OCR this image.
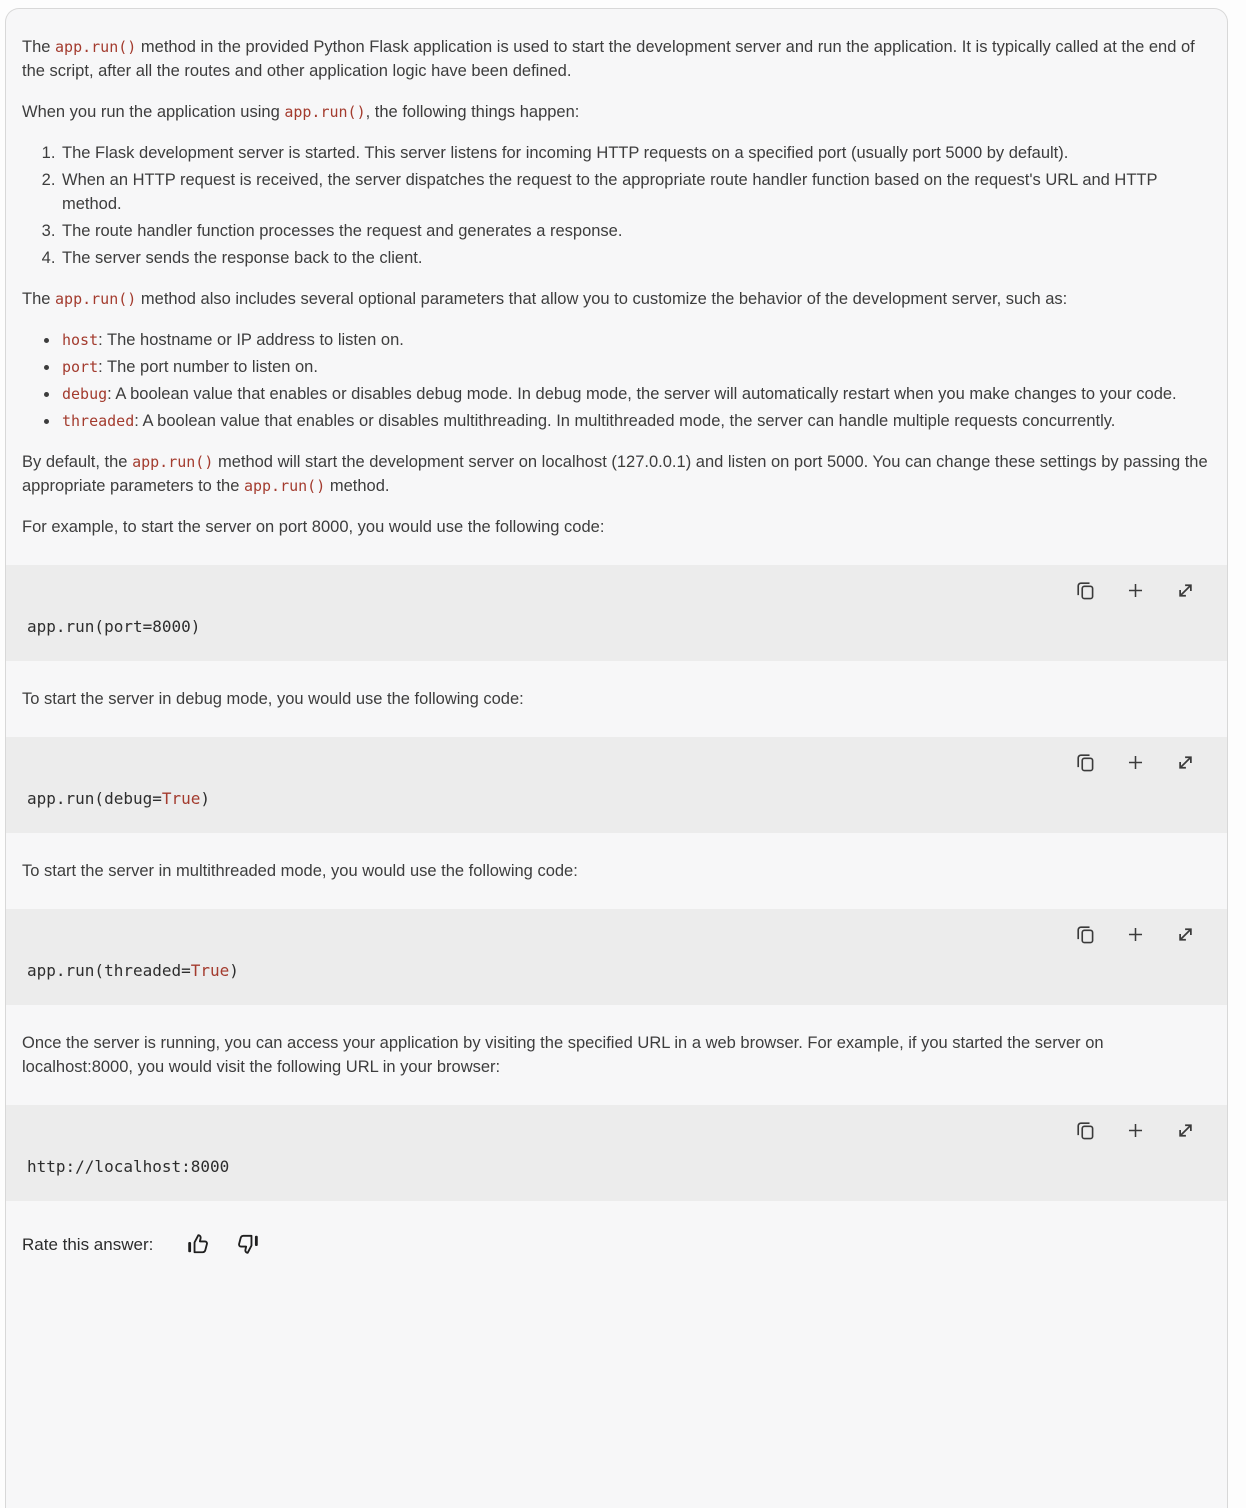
The app.run() method in the provided Python Flask application is used to start the development server and run the application. It is typically called at the end of the script, after all the routes and other application logic have been defined.

When you run the application using app.run(), the following things happen:

1. The Flask development server is started. This server listens for incoming HTTP requests on a specified port (usually port 5000 by default).
2. When an HTTP request is received, the server dispatches the request to the appropriate route handler function based on the request's URL and HTTP method.
3. The route handler function processes the request and generates a response.
4. The server sends the response back to the client.

The app.run() method also includes several optional parameters that allow you to customize the behavior of the development server, such as:

• host: The hostname or IP address to listen on.
• port: The port number to listen on.
• debug: A boolean value that enables or disables debug mode. In debug mode, the server will automatically restart when you make changes to your code.
• threaded: A boolean value that enables or disables multithreading. In multithreaded mode, the server can handle multiple requests concurrently.

By default, the app.run() method will start the development server on localhost (127.0.0.1) and listen on port 5000. You can change these settings by passing the appropriate parameters to the app.run() method.

For example, to start the server on port 8000, you would use the following code:

app.run(port=8000)

To start the server in debug mode, you would use the following code:

app.run(debug=True)

To start the server in multithreaded mode, you would use the following code:

app.run(threaded=True)

Once the server is running, you can access your application by visiting the specified URL in a web browser. For example, if you started the server on localhost:8000, you would visit the following URL in your browser:

http://localhost:8000
Rate this answer:
